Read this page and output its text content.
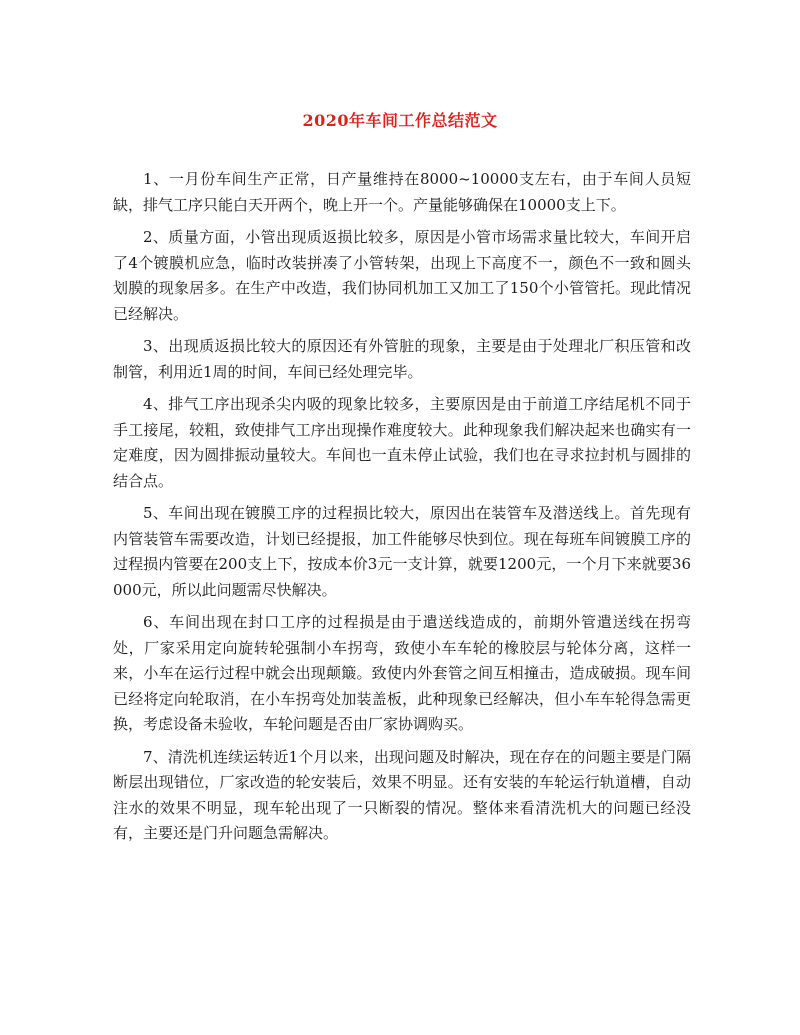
2020年车间工作总结范文

1、一月份车间生产正常，日产量维持在8000~10000支左右，由于车间人员短缺，排气工序只能白天开两个，晚上开一个。产量能够确保在10000支上下。

2、质量方面，小管出现质返损比较多，原因是小管市场需求量比较大，车间开启了4个镀膜机应急，临时改装拼凑了小管转架，出现上下高度不一，颜色不一致和圆头划膜的现象居多。在生产中改造，我们协同机加工又加工了150个小管管托。现此情况已经解决。

3、出现质返损比较大的原因还有外管脏的现象，主要是由于处理北厂积压管和改制管，利用近1周的时间，车间已经处理完毕。

4、排气工序出现杀尖内吸的现象比较多，主要原因是由于前道工序结尾机不同于手工接尾，较粗，致使排气工序出现操作难度较大。此种现象我们解决起来也确实有一定难度，因为圆排振动量较大。车间也一直未停止试验，我们也在寻求拉封机与圆排的结合点。

5、车间出现在镀膜工序的过程损比较大，原因出在装管车及潜送线上。首先现有内管装管车需要改造，计划已经提报，加工件能够尽快到位。现在每班车间镀膜工序的过程损内管要在200支上下，按成本价3元一支计算，就要1200元，一个月下来就要36000元，所以此问题需尽快解决。

6、车间出现在封口工序的过程损是由于遣送线造成的，前期外管遣送线在拐弯处，厂家采用定向旋转轮强制小车拐弯，致使小车车轮的橡胶层与轮体分离，这样一来，小车在运行过程中就会出现颠簸。致使内外套管之间互相撞击，造成破损。现车间已经将定向轮取消，在小车拐弯处加装盖板，此种现象已经解决，但小车车轮得急需更换，考虑设备未验收，车轮问题是否由厂家协调购买。

7、清洗机连续运转近1个月以来，出现问题及时解决，现在存在的问题主要是门隔断层出现错位，厂家改造的轮安装后，效果不明显。还有安装的车轮运行轨道槽，自动注水的效果不明显，现车轮出现了一只断裂的情况。整体来看清洗机大的问题已经没有，主要还是门升问题急需解决。
